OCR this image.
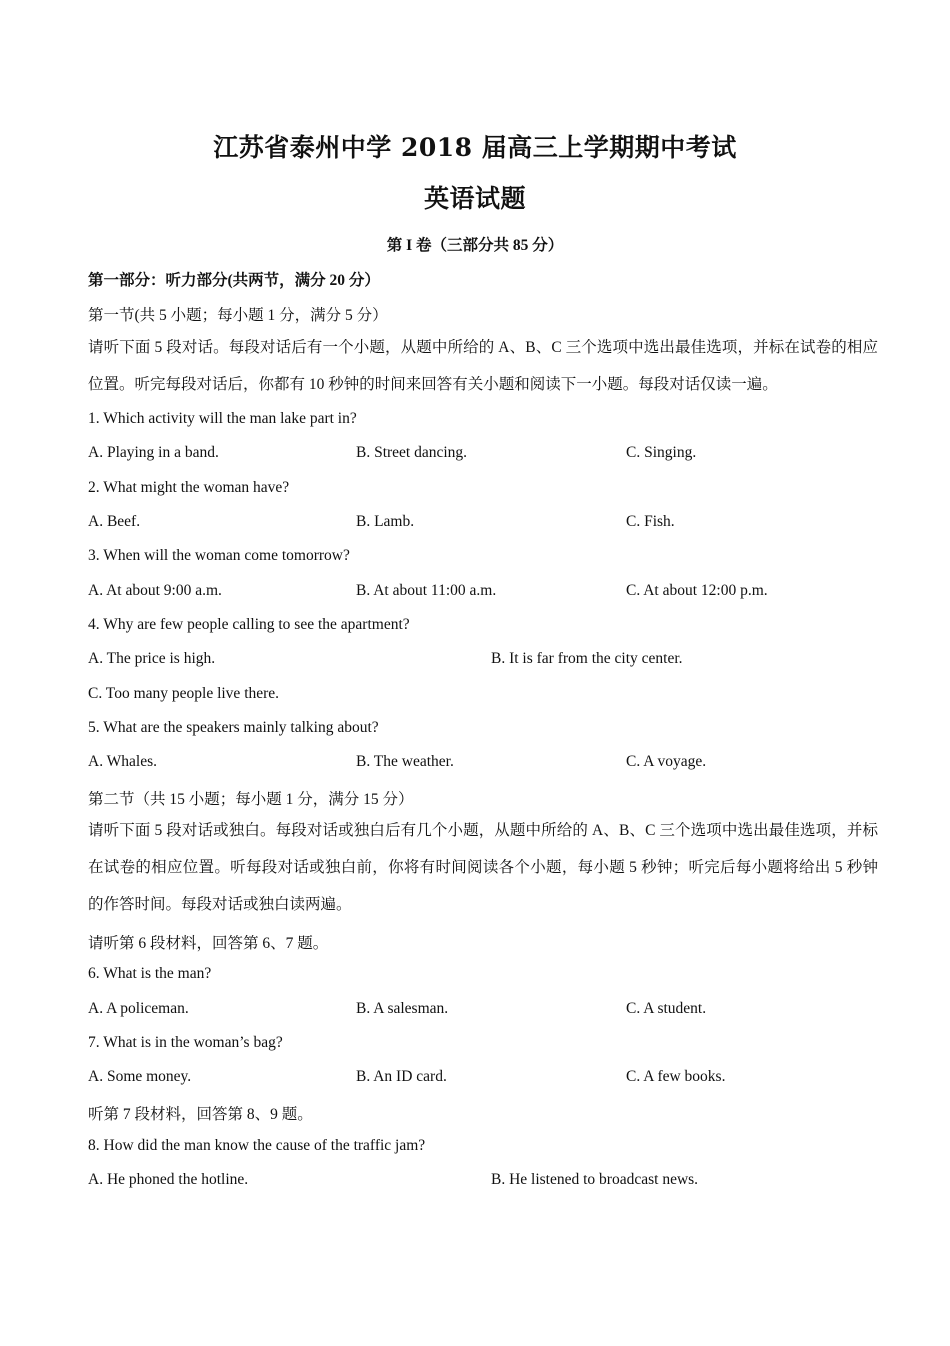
江苏省泰州中学 2018 届高三上学期期中考试
英语试题
第 I 卷（三部分共 85 分）
第一部分：听力部分(共两节，满分 20 分）
第一节(共 5 小题；每小题 1 分，满分 5 分）
请听下面 5 段对话。每段对话后有一个小题，从题中所给的 A、B、C 三个选项中选出最佳选项，并标在试卷的相应位置。听完每段对话后，你都有 10 秒钟的时间来回答有关小题和阅读下一小题。每段对话仅读一遍。
1. Which activity will the man lake part in?
A. Playing in a band.	B. Street dancing.	C. Singing.
2. What might the woman have?
A. Beef.	B. Lamb.	C. Fish.
3. When will the woman come tomorrow?
A. At about 9:00 a.m.	B. At about 11:00 a.m.	C. At about 12:00 p.m.
4. Why are few people calling to see the apartment?
A. The price is high.	B. It is far from the city center.
C. Too many people live there.
5. What are the speakers mainly talking about?
A. Whales.	B. The weather.	C. A voyage.
第二节（共 15 小题；每小题 1 分，满分 15 分）
请听下面 5 段对话或独白。每段对话或独白后有几个小题，从题中所给的 A、B、C 三个选项中选出最佳选项，并标在试卷的相应位置。听每段对话或独白前，你将有时间阅读各个小题，每小题 5 秒钟；听完后每小题将给出 5 秒钟的作答时间。每段对话或独白读两遍。
请听第 6 段材料，回答第 6、7 题。
6. What is the man?
A. A policeman.	B. A salesman.	C. A student.
7. What is in the woman’s bag?
A. Some money.	B. An ID card.	C. A few books.
听第 7 段材料，回答第 8、9 题。
8. How did the man know the cause of the traffic jam?
A. He phoned the hotline.	B. He listened to broadcast news.
